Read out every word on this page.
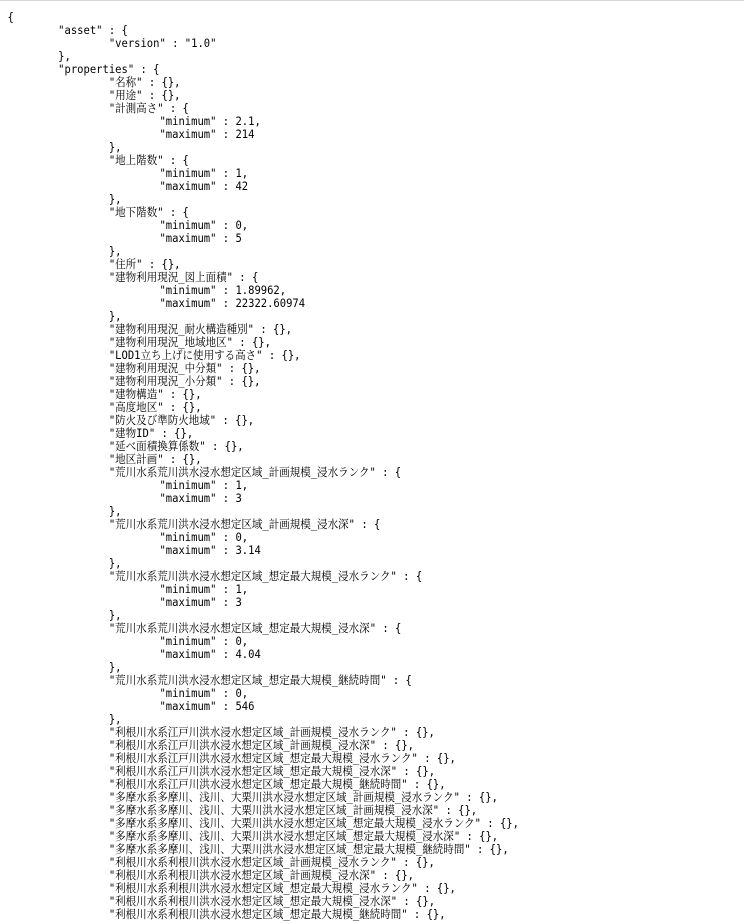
{
"asset" : {
"version" : "1.0"
},
"properties" : {
"名称" : {},
"用途" : {},
"計測高さ" : {
"minimum" : 2.1,
"maximum" : 214
},
"地上階数" : {
"minimum" : 1,
"maximum" : 42
},
"地下階数" : {
"minimum" : 0,
"maximum" : 5
},
"住所" : {},
"建物利用現況_図上面積" : {
"minimum" : 1.89962,
"maximum" : 22322.60974
},
"建物利用現況_耐火構造種別" : {},
"建物利用現況_地域地区" : {},
"LOD1立ち上げに使用する高さ" : {},
"建物利用現況_中分類" : {},
"建物利用現況_小分類" : {},
"建物構造" : {},
"高度地区" : {},
"防火及び準防火地域" : {},
"建物ID" : {},
"延べ面積換算係数" : {},
"地区計画" : {},
"荒川水系荒川洪水浸水想定区域_計画規模_浸水ランク" : {
"minimum" : 1,
"maximum" : 3
},
"荒川水系荒川洪水浸水想定区域_計画規模_浸水深" : {
"minimum" : 0,
"maximum" : 3.14
},
"荒川水系荒川洪水浸水想定区域_想定最大規模_浸水ランク" : {
"minimum" : 1,
"maximum" : 3
},
"荒川水系荒川洪水浸水想定区域_想定最大規模_浸水深" : {
"minimum" : 0,
"maximum" : 4.04
},
"荒川水系荒川洪水浸水想定区域_想定最大規模_継続時間" : {
"minimum" : 0,
"maximum" : 546
},
"利根川水系江戸川洪水浸水想定区域_計画規模_浸水ランク" : {},
"利根川水系江戸川洪水浸水想定区域_計画規模_浸水深" : {},
"利根川水系江戸川洪水浸水想定区域_想定最大規模_浸水ランク" : {},
"利根川水系江戸川洪水浸水想定区域_想定最大規模_浸水深" : {},
"利根川水系江戸川洪水浸水想定区域_想定最大規模_継続時間" : {},
"多摩水系多摩川、浅川、大栗川洪水浸水想定区域_計画規模_浸水ランク" : {},
"多摩水系多摩川、浅川、大栗川洪水浸水想定区域_計画規模_浸水深" : {},
"多摩水系多摩川、浅川、大栗川洪水浸水想定区域_想定最大規模_浸水ランク" : {},
"多摩水系多摩川、浅川、大栗川洪水浸水想定区域_想定最大規模_浸水深" : {},
"多摩水系多摩川、浅川、大栗川洪水浸水想定区域_想定最大規模_継続時間" : {},
"利根川水系利根川洪水浸水想定区域_計画規模_浸水ランク" : {},
"利根川水系利根川洪水浸水想定区域_計画規模_浸水深" : {},
"利根川水系利根川洪水浸水想定区域_想定最大規模_浸水ランク" : {},
"利根川水系利根川洪水浸水想定区域_想定最大規模_浸水深" : {},
"利根川水系利根川洪水浸水想定区域_想定最大規模_継続時間" : {},
